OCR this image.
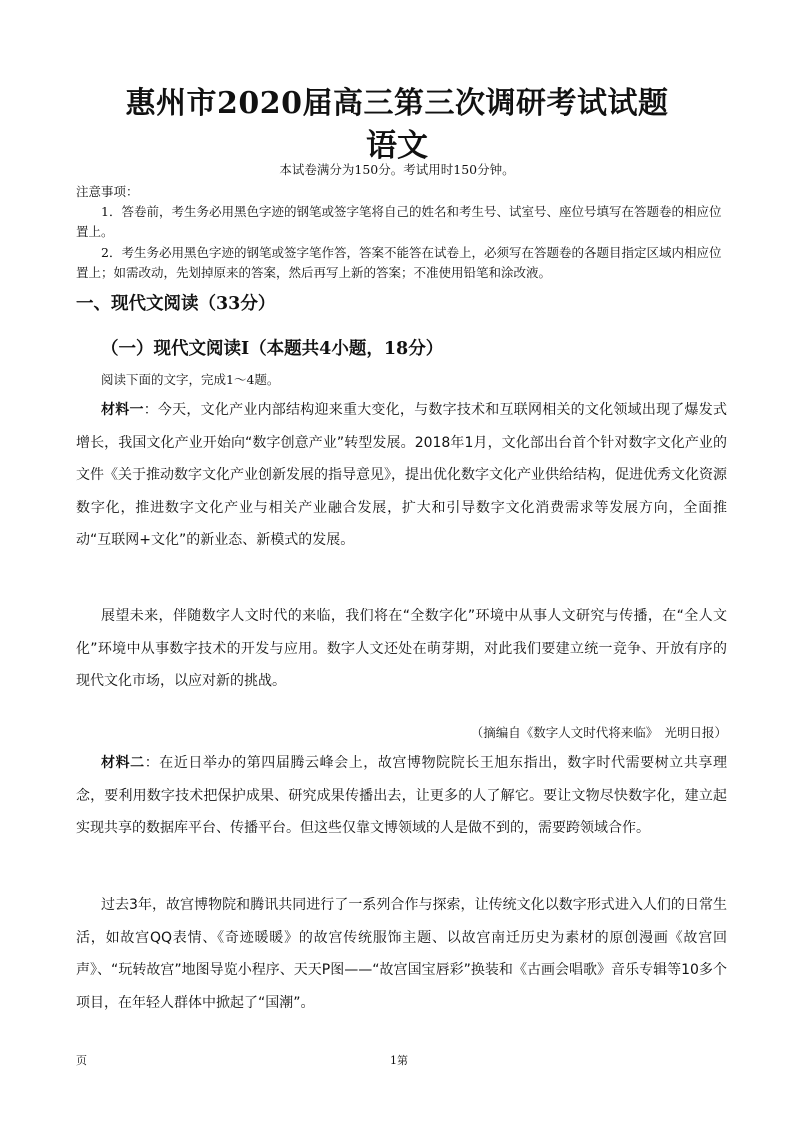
惠州市2020届高三第三次调研考试试题
语文
本试卷满分为150分。考试用时150分钟。
注意事项：

1．答卷前，考生务必用黑色字迹的钢笔或签字笔将自己的姓名和考生号、试室号、座位号填写在答题卷的相应位置上。

2．考生务必用黑色字迹的钢笔或签字笔作答，答案不能答在试卷上，必须写在答题卷的各题目指定区域内相应位置上；如需改动，先划掉原来的答案，然后再写上新的答案；不准使用铅笔和涂改液。

一、现代文阅读（33分）
（一）现代文阅读I（本题共4小题，18分）
阅读下面的文字，完成1～4题。

材料一：今天，文化产业内部结构迎来重大变化，与数字技术和互联网相关的文化领域出现了爆发式增长，我国文化产业开始向“数字创意产业”转型发展。2018年1月，文化部出台首个针对数字文化产业的文件《关于推动数字文化产业创新发展的指导意见》，提出优化数字文化产业供给结构，促进优秀文化资源数字化，推进数字文化产业与相关产业融合发展，扩大和引导数字文化消费需求等发展方向，全面推动“互联网+文化”的新业态、新模式的发展。

展望未来，伴随数字人文时代的来临，我们将在“全数字化”环境中从事人文研究与传播，在“全人文化”环境中从事数字技术的开发与应用。数字人文还处在萌芽期，对此我们要建立统一竞争、开放有序的现代文化市场，以应对新的挑战。

（摘编自《数字人文时代将来临》　光明日报）

材料二：在近日举办的第四届腾云峰会上，故宫博物院院长王旭东指出，数字时代需要树立共享理念，要利用数字技术把保护成果、研究成果传播出去，让更多的人了解它。要让文物尽快数字化，建立起实现共享的数据库平台、传播平台。但这些仅靠文博领域的人是做不到的，需要跨领域合作。

过去3年，故宫博物院和腾讯共同进行了一系列合作与探索，让传统文化以数字形式进入人们的日常生活，如故宫QQ表情、《奇迹暖暖》的故宫传统服饰主题、以故宫南迁历史为素材的原创漫画《故宫回声》、“玩转故宫”地图导览小程序、天天P图——“故宫国宝唇彩”换装和《古画会唱歌》音乐专辑等10多个项目，在年轻人群体中掀起了“国潮”。

页	1第
